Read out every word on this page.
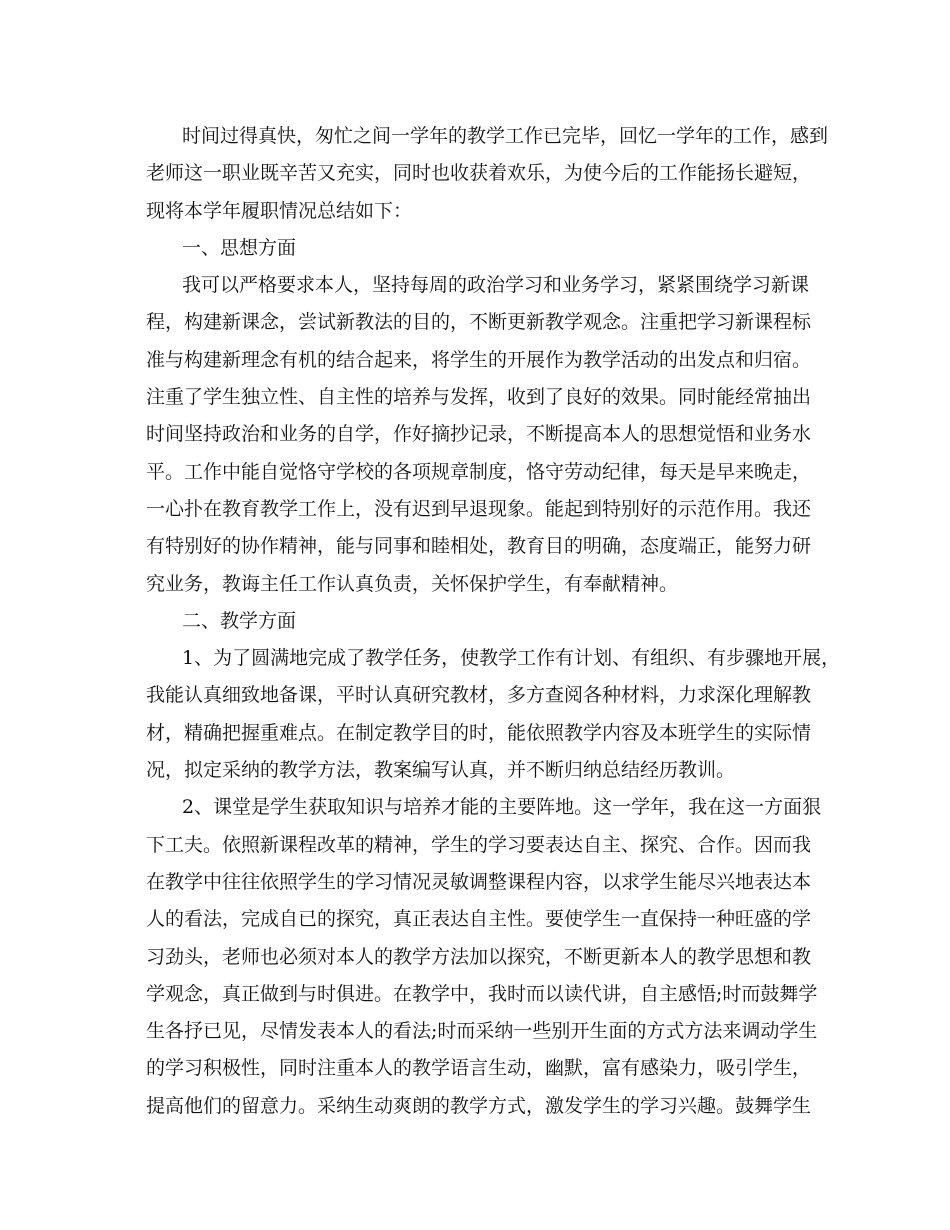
时间过得真快，匆忙之间一学年的教学工作已完毕，回忆一学年的工作，感到
老师这一职业既辛苦又充实，同时也收获着欢乐，为使今后的工作能扬长避短，
现将本学年履职情况总结如下：
一、思想方面
我可以严格要求本人，坚持每周的政治学习和业务学习，紧紧围绕学习新课
程，构建新课念，尝试新教法的目的，不断更新教学观念。注重把学习新课程标
准与构建新理念有机的结合起来，将学生的开展作为教学活动的出发点和归宿。
注重了学生独立性、自主性的培养与发挥，收到了良好的效果。同时能经常抽出
时间坚持政治和业务的自学，作好摘抄记录，不断提高本人的思想觉悟和业务水
平。工作中能自觉恪守学校的各项规章制度，恪守劳动纪律，每天是早来晚走，
一心扑在教育教学工作上，没有迟到早退现象。能起到特别好的示范作用。我还
有特别好的协作精神，能与同事和睦相处，教育目的明确，态度端正，能努力研
究业务，教诲主任工作认真负责，关怀保护学生，有奉献精神。
二、教学方面
1、为了圆满地完成了教学任务，使教学工作有计划、有组织、有步骤地开展，
我能认真细致地备课，平时认真研究教材，多方查阅各种材料，力求深化理解教
材，精确把握重难点。在制定教学目的时，能依照教学内容及本班学生的实际情
况，拟定采纳的教学方法，教案编写认真，并不断归纳总结经历教训。
2、课堂是学生获取知识与培养才能的主要阵地。这一学年，我在这一方面狠
下工夫。依照新课程改革的精神，学生的学习要表达自主、探究、合作。因而我
在教学中往往依照学生的学习情况灵敏调整课程内容，以求学生能尽兴地表达本
人的看法，完成自已的探究，真正表达自主性。要使学生一直保持一种旺盛的学
习劲头，老师也必须对本人的教学方法加以探究，不断更新本人的教学思想和教
学观念，真正做到与时俱进。在教学中，我时而以读代讲，自主感悟;时而鼓舞学
生各抒已见，尽情发表本人的看法;时而采纳一些别开生面的方式方法来调动学生
的学习积极性，同时注重本人的教学语言生动，幽默，富有感染力，吸引学生，
提高他们的留意力。采纳生动爽朗的教学方式，激发学生的学习兴趣。鼓舞学生
